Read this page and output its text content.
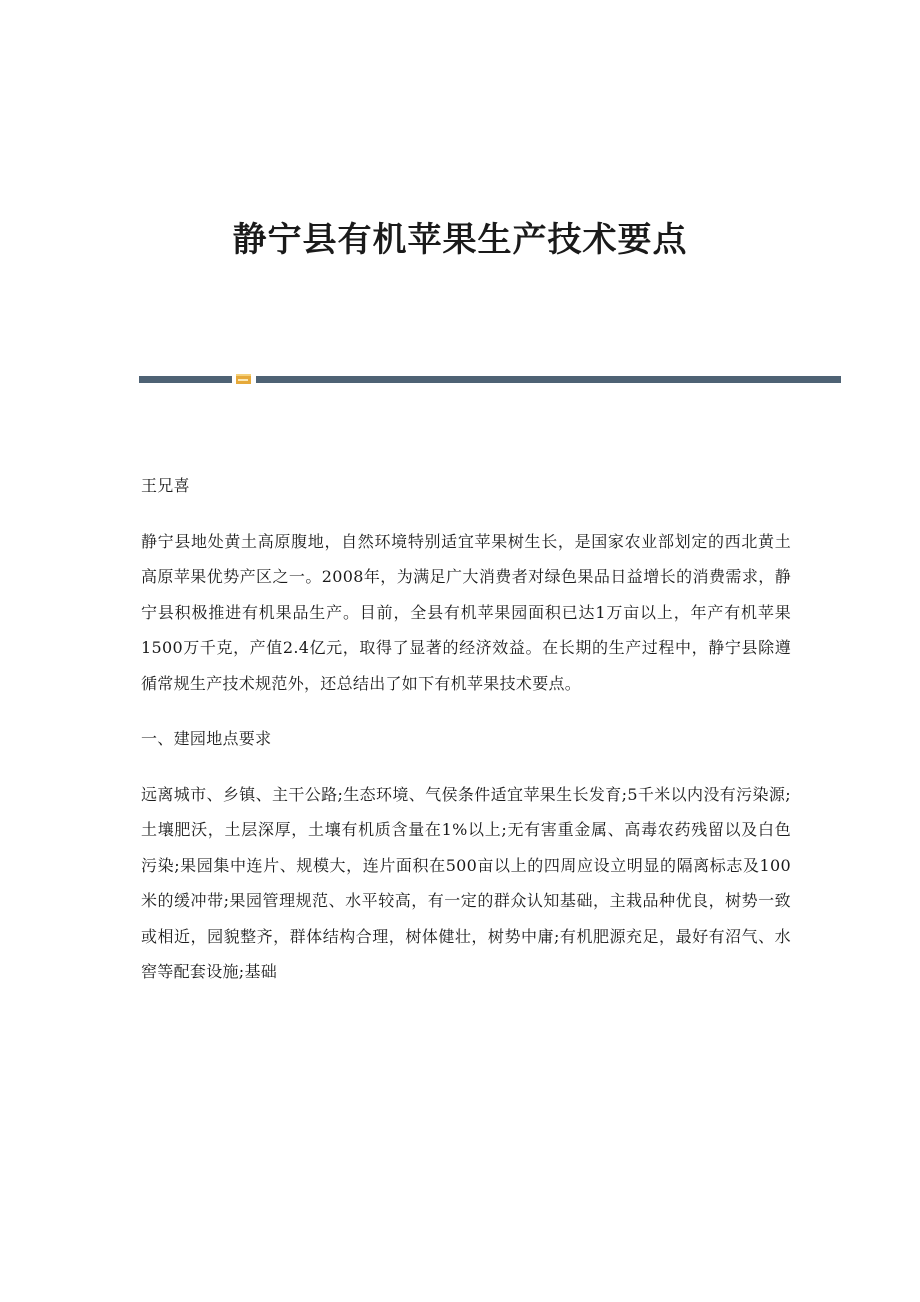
静宁县有机苹果生产技术要点

王兄喜

静宁县地处黄土高原腹地，自然环境特别适宜苹果树生长，是国家农业部划定的西北黄土高原苹果优势产区之一。2008年，为满足广大消费者对绿色果品日益增长的消费需求，静宁县积极推进有机果品生产。目前，全县有机苹果园面积已达1万亩以上，年产有机苹果1500万千克，产值2.4亿元，取得了显著的经济效益。在长期的生产过程中，静宁县除遵循常规生产技术规范外，还总结出了如下有机苹果技术要点。

一、建园地点要求

远离城市、乡镇、主干公路;生态环境、气侯条件适宜苹果生长发育;5千米以内没有污染源;土壤肥沃，土层深厚，土壤有机质含量在1%以上;无有害重金属、高毒农药残留以及白色污染;果园集中连片、规模大，连片面积在500亩以上的四周应设立明显的隔离标志及100米的缓冲带;果园管理规范、水平较高，有一定的群众认知基础，主栽品种优良，树势一致或相近，园貌整齐，群体结构合理，树体健壮，树势中庸;有机肥源充足，最好有沼气、水窖等配套设施;基础
